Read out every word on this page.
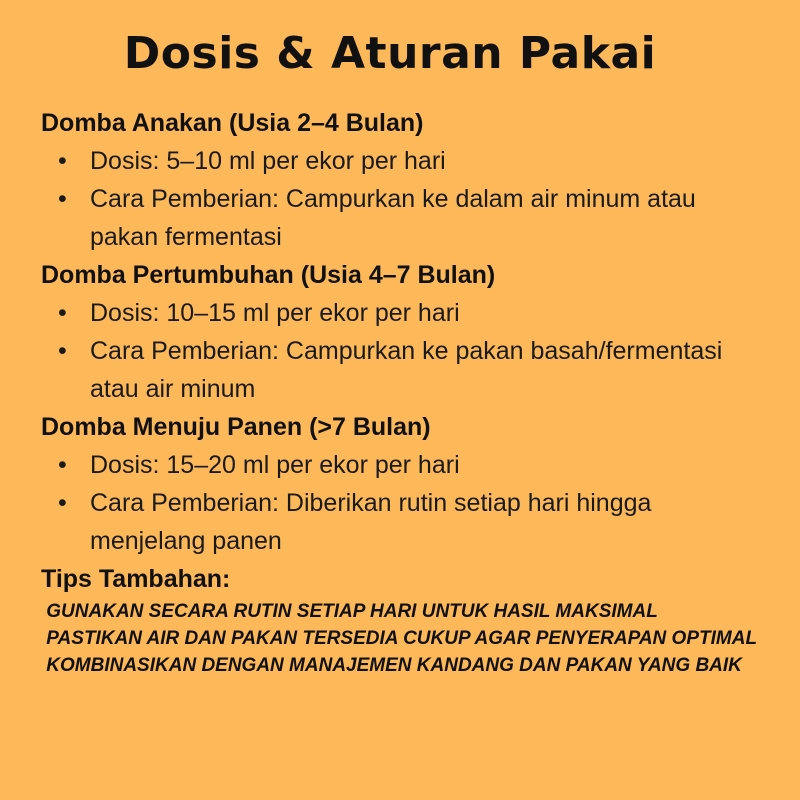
Dosis & Aturan Pakai

Domba Anakan (Usia 2–4 Bulan)

• Dosis: 5–10 ml per ekor per hari
• Cara Pemberian: Campurkan ke dalam air minum atau pakan fermentasi

Domba Pertumbuhan (Usia 4–7 Bulan)

• Dosis: 10–15 ml per ekor per hari
• Cara Pemberian: Campurkan ke pakan basah/fermentasi atau air minum

Domba Menuju Panen (>7 Bulan)

• Dosis: 15–20 ml per ekor per hari
• Cara Pemberian: Diberikan rutin setiap hari hingga menjelang panen

Tips Tambahan:

GUNAKAN SECARA RUTIN SETIAP HARI UNTUK HASIL MAKSIMAL

PASTIKAN AIR DAN PAKAN TERSEDIA CUKUP AGAR PENYERAPAN OPTIMAL

KOMBINASIKAN DENGAN MANAJEMEN KANDANG DAN PAKAN YANG BAIK
